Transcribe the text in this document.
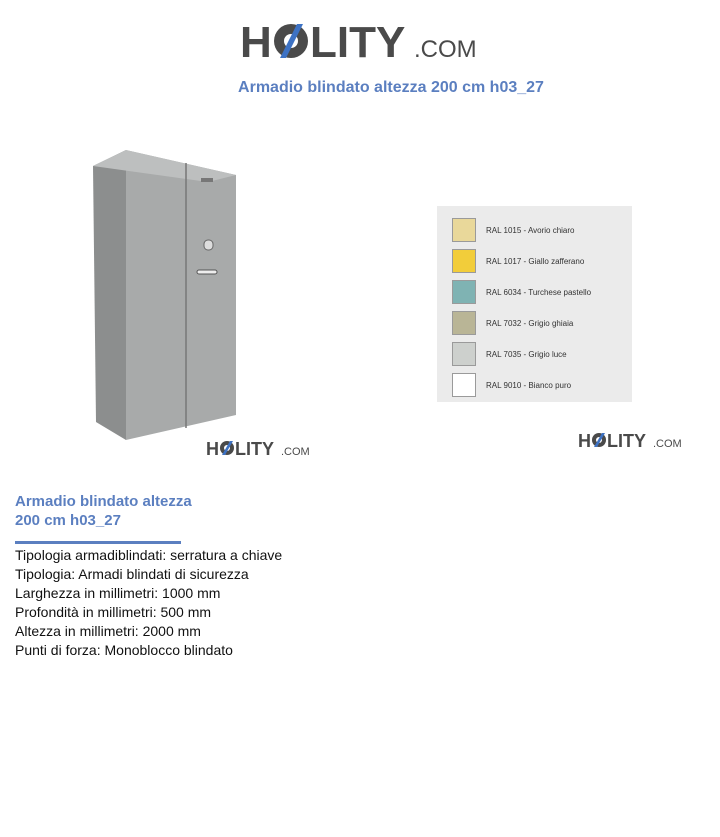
H LITY .COM
Armadio blindato altezza 200 cm h03_27
H LITY .COM
RAL 1015 - Avorio chiaro
RAL 1017 - Giallo zafferano
RAL 6034 - Turchese pastello
RAL 7032 - Grigio ghiaia
RAL 7035 - Grigio luce
RAL 9010 - Bianco puro
H LITY .COM
Armadio blindato altezza
200 cm h03_27
Tipologia armadiblindati: serratura a chiave
Tipologia: Armadi blindati di sicurezza
Larghezza in millimetri: 1000 mm
Profondità in millimetri: 500 mm
Altezza in millimetri: 2000 mm
Punti di forza: Monoblocco blindato
